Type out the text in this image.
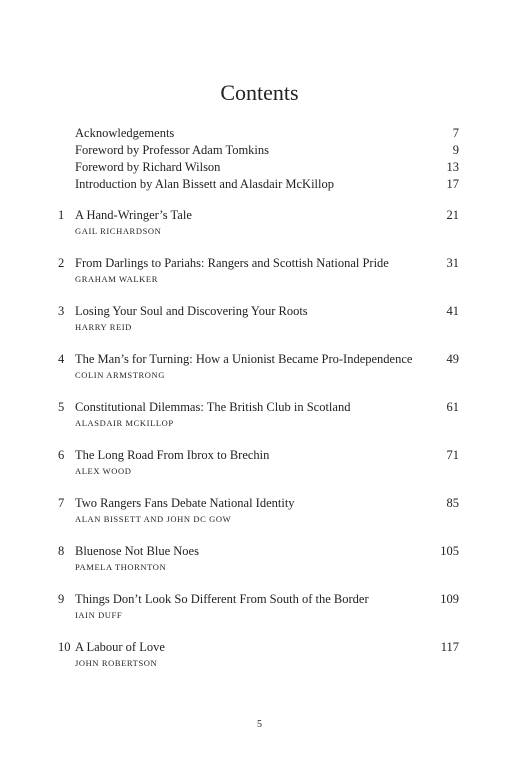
Contents
Acknowledgements	7
Foreword by Professor Adam Tomkins	9
Foreword by Richard Wilson	13
Introduction by Alan Bissett and Alasdair McKillop	17
1 A Hand-Wringer’s Tale	21
GAIL RICHARDSON
2 From Darlings to Pariahs: Rangers and Scottish National Pride	31
GRAHAM WALKER
3 Losing Your Soul and Discovering Your Roots	41
HARRY REID
4 The Man’s for Turning: How a Unionist Became Pro-Independence	49
COLIN ARMSTRONG
5 Constitutional Dilemmas: The British Club in Scotland	61
ALASDAIR MCKILLOP
6 The Long Road From Ibrox to Brechin	71
ALEX WOOD
7 Two Rangers Fans Debate National Identity	85
ALAN BISSETT AND JOHN DC GOW
8 Bluenose Not Blue Noes	105
PAMELA THORNTON
9 Things Don’t Look So Different From South of the Border	109
IAIN DUFF
10 A Labour of Love	117
JOHN ROBERTSON
5
